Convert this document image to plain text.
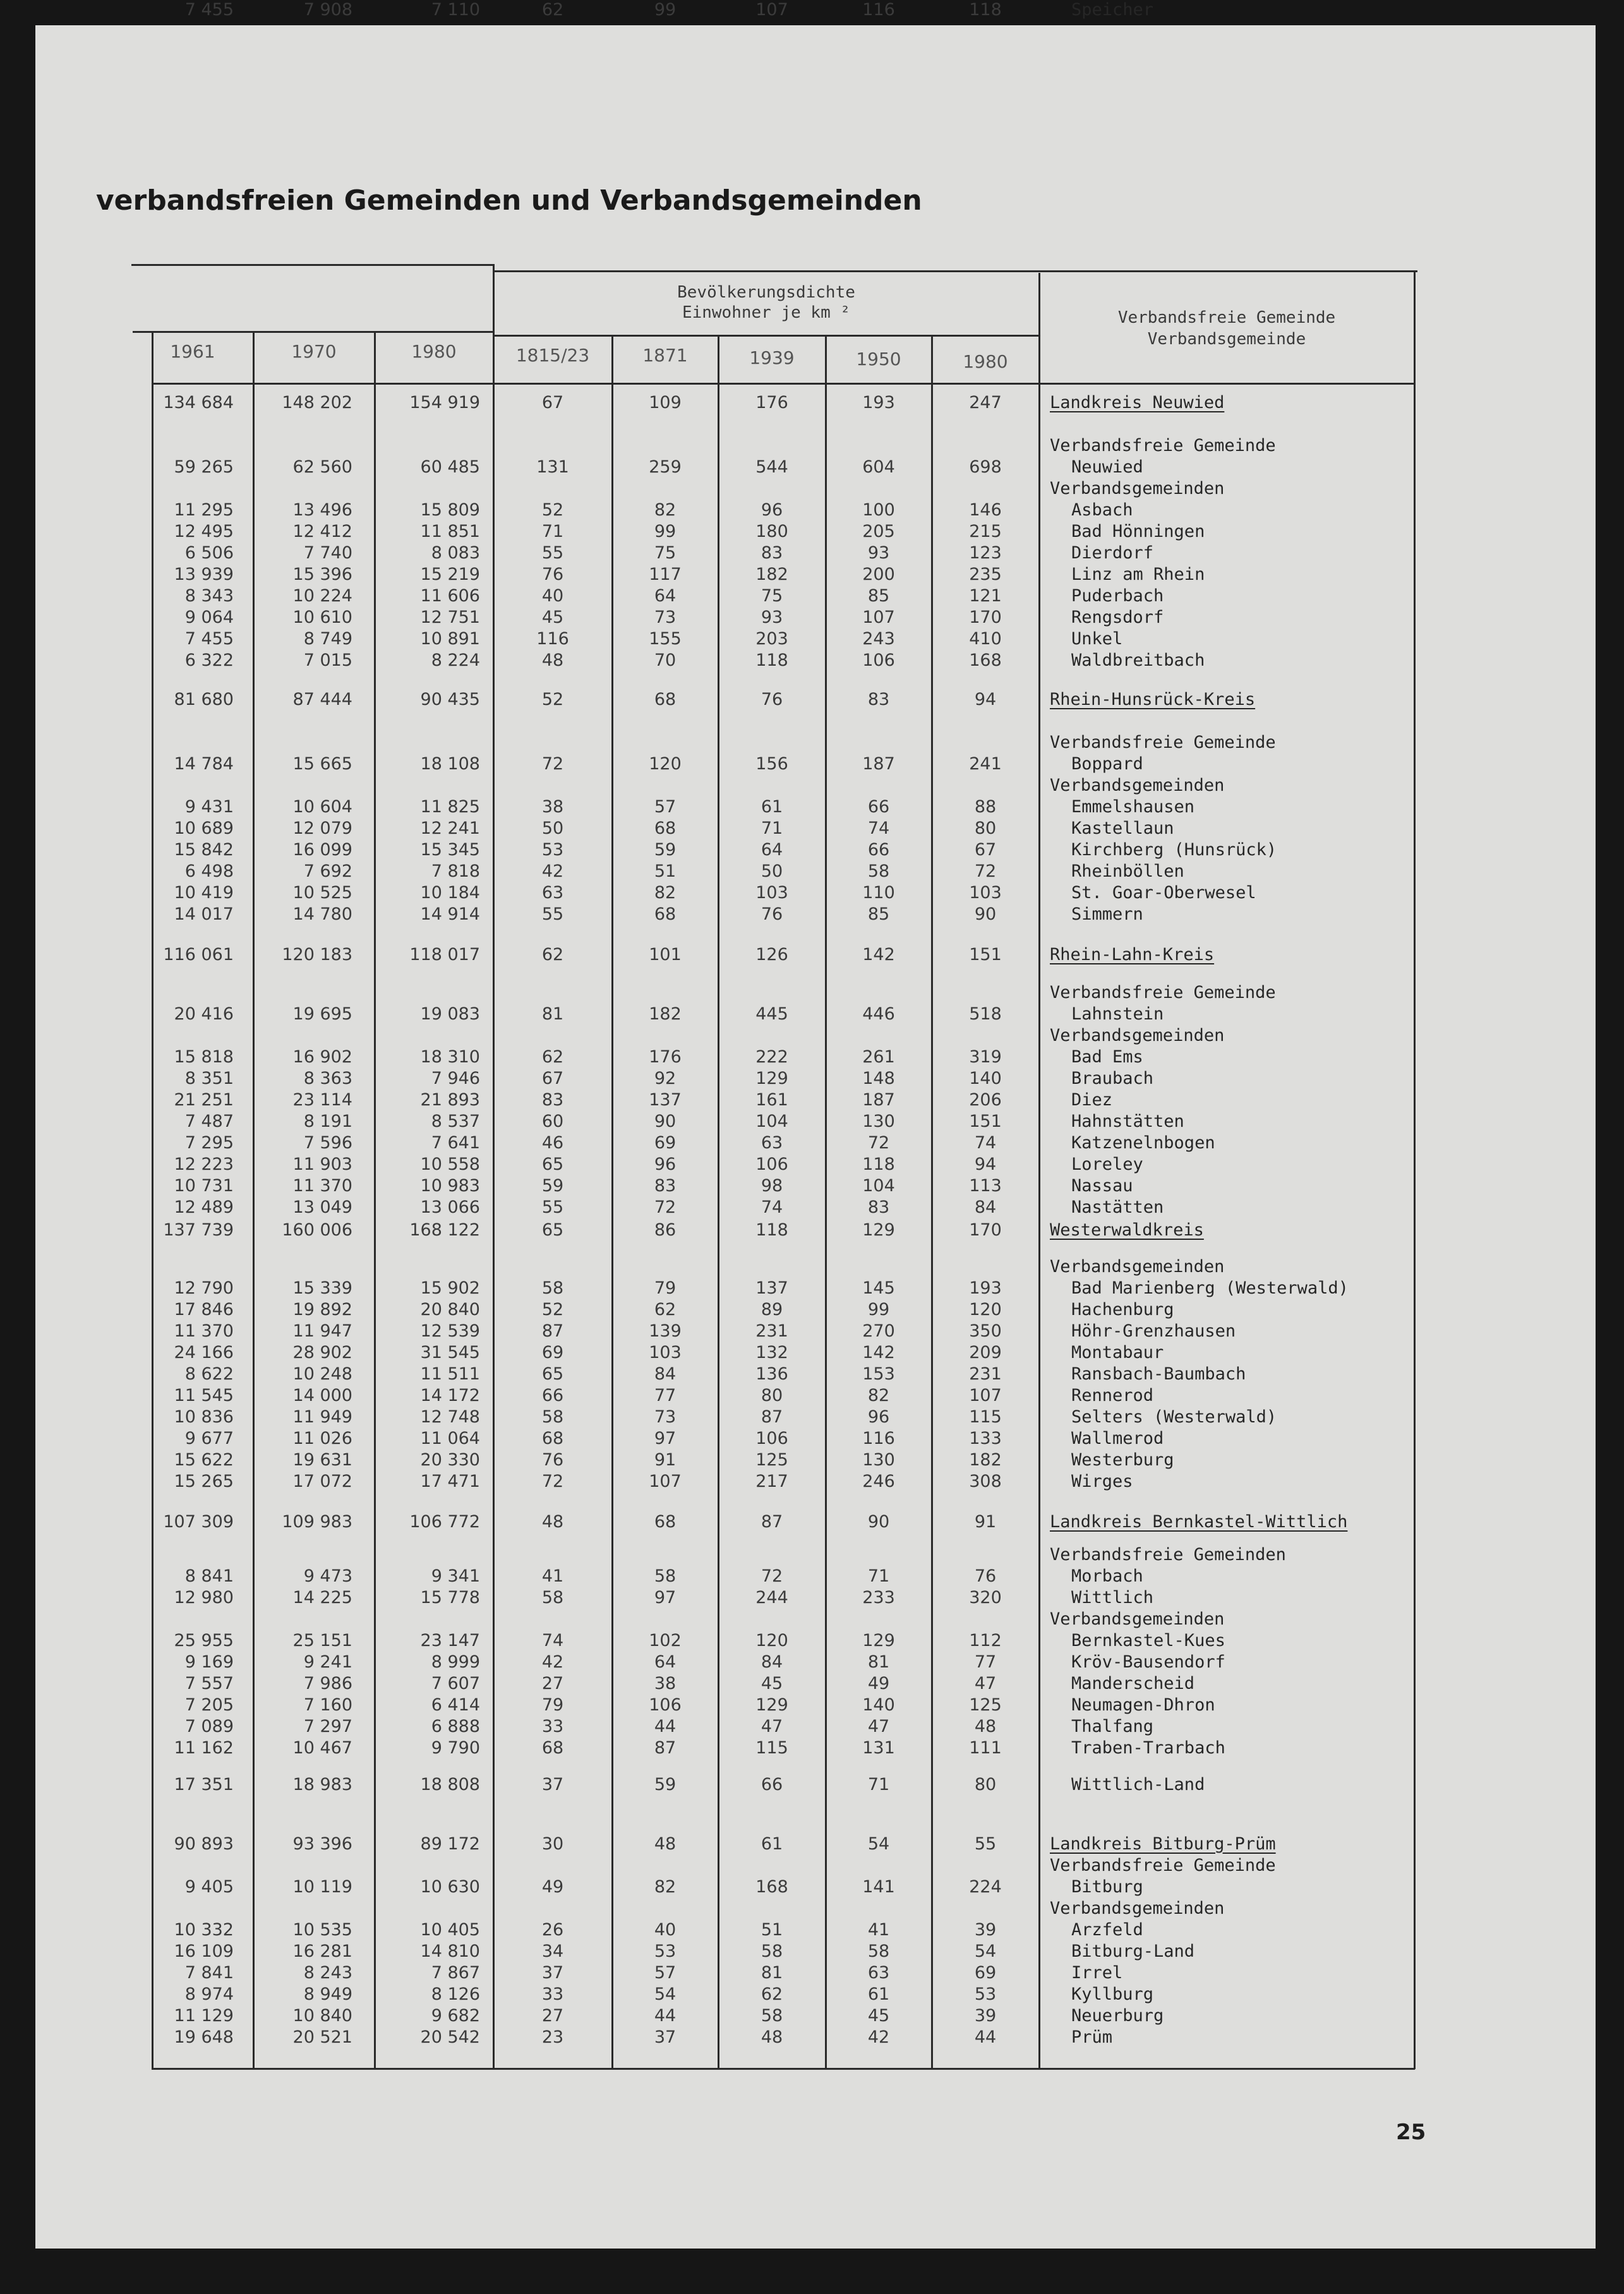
verbandsfreien Gemeinden und Verbandsgemeinden
Bevölkerungsdichte
Einwohner je km ²	Verbandsfreie Gemeinde
Verbandsgemeinde
1961	1970	1980	1815/23	1871	1939	1950	1980
134 684	148 202	154 919	67	109	176	193	247	Landkreis Neuwied
Verbandsfreie Gemeinde
59 265	62 560	60 485	131	259	544	604	698	Neuwied
Verbandsgemeinden
11 295	13 496	15 809	52	82	96	100	146	Asbach
12 495	12 412	11 851	71	99	180	205	215	Bad Hönningen
6 506	7 740	8 083	55	75	83	93	123	Dierdorf
13 939	15 396	15 219	76	117	182	200	235	Linz am Rhein
8 343	10 224	11 606	40	64	75	85	121	Puderbach
9 064	10 610	12 751	45	73	93	107	170	Rengsdorf
7 455	8 749	10 891	116	155	203	243	410	Unkel
6 322	7 015	8 224	48	70	118	106	168	Waldbreitbach
81 680	87 444	90 435	52	68	76	83	94	Rhein-Hunsrück-Kreis
Verbandsfreie Gemeinde
14 784	15 665	18 108	72	120	156	187	241	Boppard
Verbandsgemeinden
9 431	10 604	11 825	38	57	61	66	88	Emmelshausen
10 689	12 079	12 241	50	68	71	74	80	Kastellaun
15 842	16 099	15 345	53	59	64	66	67	Kirchberg (Hunsrück)
6 498	7 692	7 818	42	51	50	58	72	Rheinböllen
10 419	10 525	10 184	63	82	103	110	103	St. Goar-Oberwesel
14 017	14 780	14 914	55	68	76	85	90	Simmern
116 061	120 183	118 017	62	101	126	142	151	Rhein-Lahn-Kreis
Verbandsfreie Gemeinde
20 416	19 695	19 083	81	182	445	446	518	Lahnstein
Verbandsgemeinden
15 818	16 902	18 310	62	176	222	261	319	Bad Ems
8 351	8 363	7 946	67	92	129	148	140	Braubach
21 251	23 114	21 893	83	137	161	187	206	Diez
7 487	8 191	8 537	60	90	104	130	151	Hahnstätten
7 295	7 596	7 641	46	69	63	72	74	Katzenelnbogen
12 223	11 903	10 558	65	96	106	118	94	Loreley
10 731	11 370	10 983	59	83	98	104	113	Nassau
12 489	13 049	13 066	55	72	74	83	84	Nastätten
137 739	160 006	168 122	65	86	118	129	170	Westerwaldkreis
Verbandsgemeinden
12 790	15 339	15 902	58	79	137	145	193	Bad Marienberg (Westerwald)
17 846	19 892	20 840	52	62	89	99	120	Hachenburg
11 370	11 947	12 539	87	139	231	270	350	Höhr-Grenzhausen
24 166	28 902	31 545	69	103	132	142	209	Montabaur
8 622	10 248	11 511	65	84	136	153	231	Ransbach-Baumbach
11 545	14 000	14 172	66	77	80	82	107	Rennerod
10 836	11 949	12 748	58	73	87	96	115	Selters (Westerwald)
9 677	11 026	11 064	68	97	106	116	133	Wallmerod
15 622	19 631	20 330	76	91	125	130	182	Westerburg
15 265	17 072	17 471	72	107	217	246	308	Wirges
107 309	109 983	106 772	48	68	87	90	91	Landkreis Bernkastel-Wittlich
Verbandsfreie Gemeinden
8 841	9 473	9 341	41	58	72	71	76	Morbach
12 980	14 225	15 778	58	97	244	233	320	Wittlich
Verbandsgemeinden
25 955	25 151	23 147	74	102	120	129	112	Bernkastel-Kues
9 169	9 241	8 999	42	64	84	81	77	Kröv-Bausendorf
7 557	7 986	7 607	27	38	45	49	47	Manderscheid
7 205	7 160	6 414	79	106	129	140	125	Neumagen-Dhron
7 089	7 297	6 888	33	44	47	47	48	Thalfang
11 162	10 467	9 790	68	87	115	131	111	Traben-Trarbach
17 351	18 983	18 808	37	59	66	71	80	Wittlich-Land
90 893	93 396	89 172	30	48	61	54	55	Landkreis Bitburg-Prüm
Verbandsfreie Gemeinde
9 405	10 119	10 630	49	82	168	141	224	Bitburg
Verbandsgemeinden
10 332	10 535	10 405	26	40	51	41	39	Arzfeld
16 109	16 281	14 810	34	53	58	58	54	Bitburg-Land
7 841	8 243	7 867	37	57	81	63	69	Irrel
8 974	8 949	8 126	33	54	62	61	53	Kyllburg
11 129	10 840	9 682	27	44	58	45	39	Neuerburg
19 648	20 521	20 542	23	37	48	42	44	Prüm
7 455	7 908	7 110	62	99	107	116	118	Speicher
25
